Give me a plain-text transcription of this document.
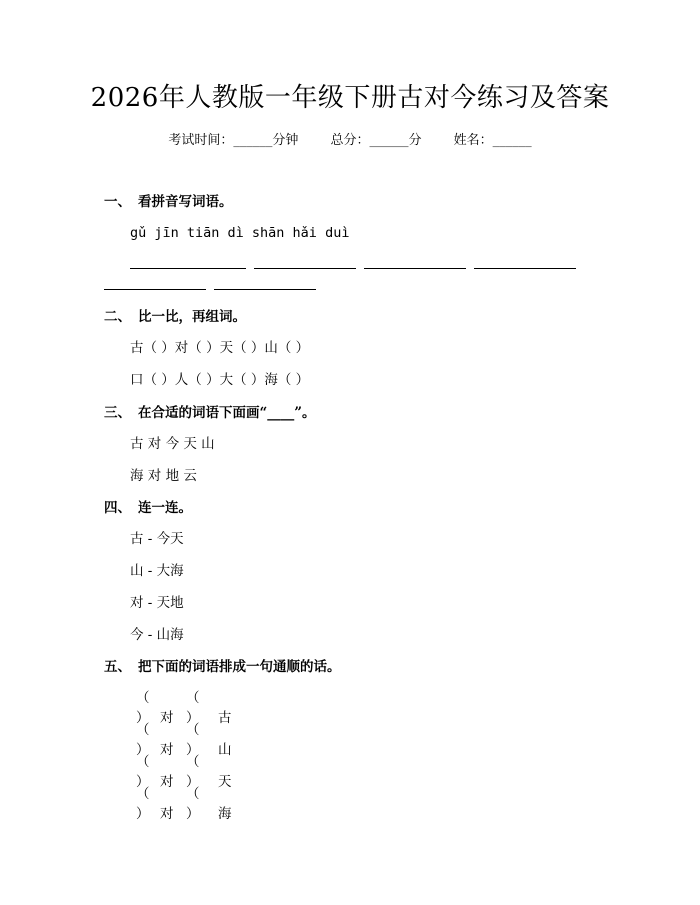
2026年人教版一年级下册古对今练习及答案
考试时间：______分钟 总分：______分 姓名：______
一、 看拼音写词语。
gǔ jīn tiān dì shān hǎi duì
二、 比一比，再组词。
古（ ）对（ ）天（ ）山（ ）
口（ ）人（ ）大（ ）海（ ）
三、 在合适的词语下面画“____”。
古 对 今 天 山
海 对 地 云
四、 连一连。
古 - 今天
山 - 大海
对 - 天地
今 - 山海
五、 把下面的词语排成一句通顺的话。
（ ） 对（ ） 古
（ ） 对（ ） 山
（ ） 对（ ） 天
（ ） 对（ ） 海
